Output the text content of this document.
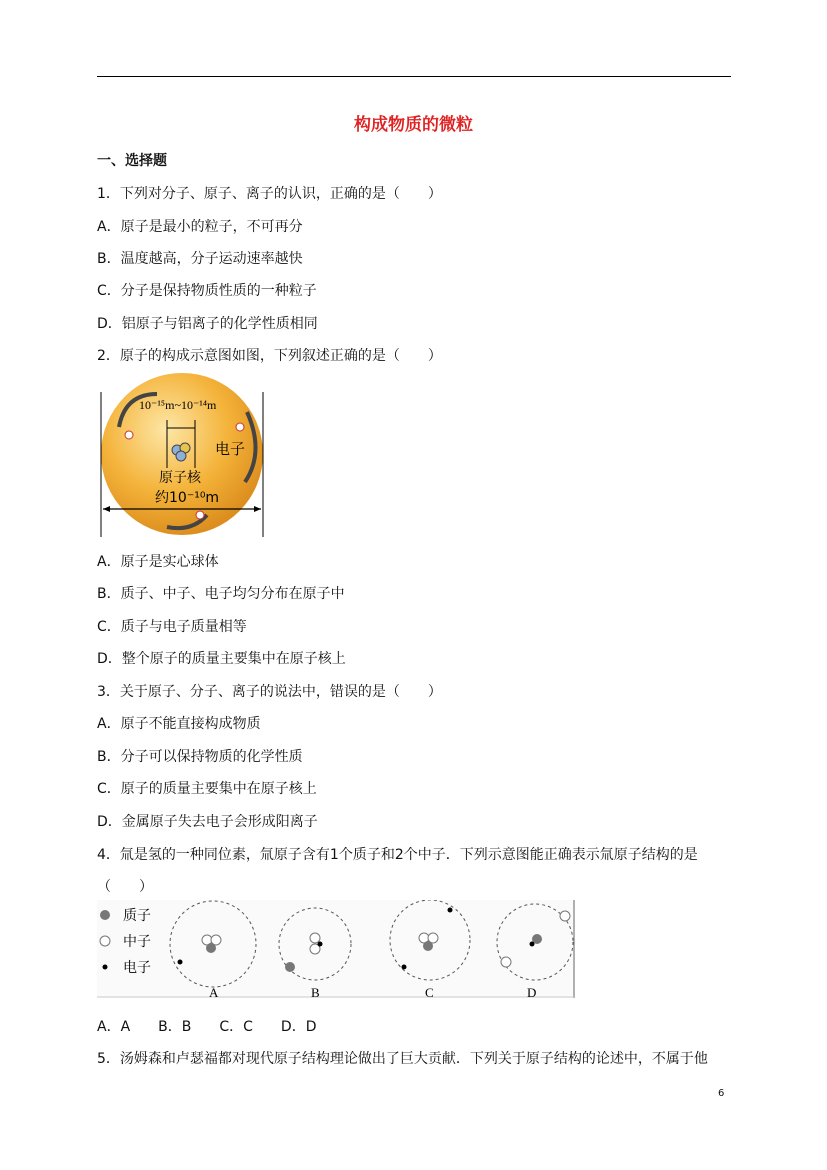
构成物质的微粒
一、选择题
1．下列对分子、原子、离子的认识，正确的是（　　）
A．原子是最小的粒子，不可再分
B．温度越高，分子运动速率越快
C．分子是保持物质性质的一种粒子
D．铝原子与铝离子的化学性质相同
2．原子的构成示意图如图，下列叙述正确的是（　　）
10⁻¹⁵m~10⁻¹⁴m
电子
原子核
约10⁻¹⁰m
A．原子是实心球体
B．质子、中子、电子均匀分布在原子中
C．质子与电子质量相等
D．整个原子的质量主要集中在原子核上
3．关于原子、分子、离子的说法中，错误的是（　　）
A．原子不能直接构成物质
B．分子可以保持物质的化学性质
C．原子的质量主要集中在原子核上
D．金属原子失去电子会形成阳离子
4．氚是氢的一种同位素，氚原子含有1个质子和2个中子．下列示意图能正确表示氚原子结构的是
（　　）
质子
中子
电子
A	B	C	D
A．A　　B．B　　C．C　　D．D
5．汤姆森和卢瑟福都对现代原子结构理论做出了巨大贡献．下列关于原子结构的论述中，不属于他
6
